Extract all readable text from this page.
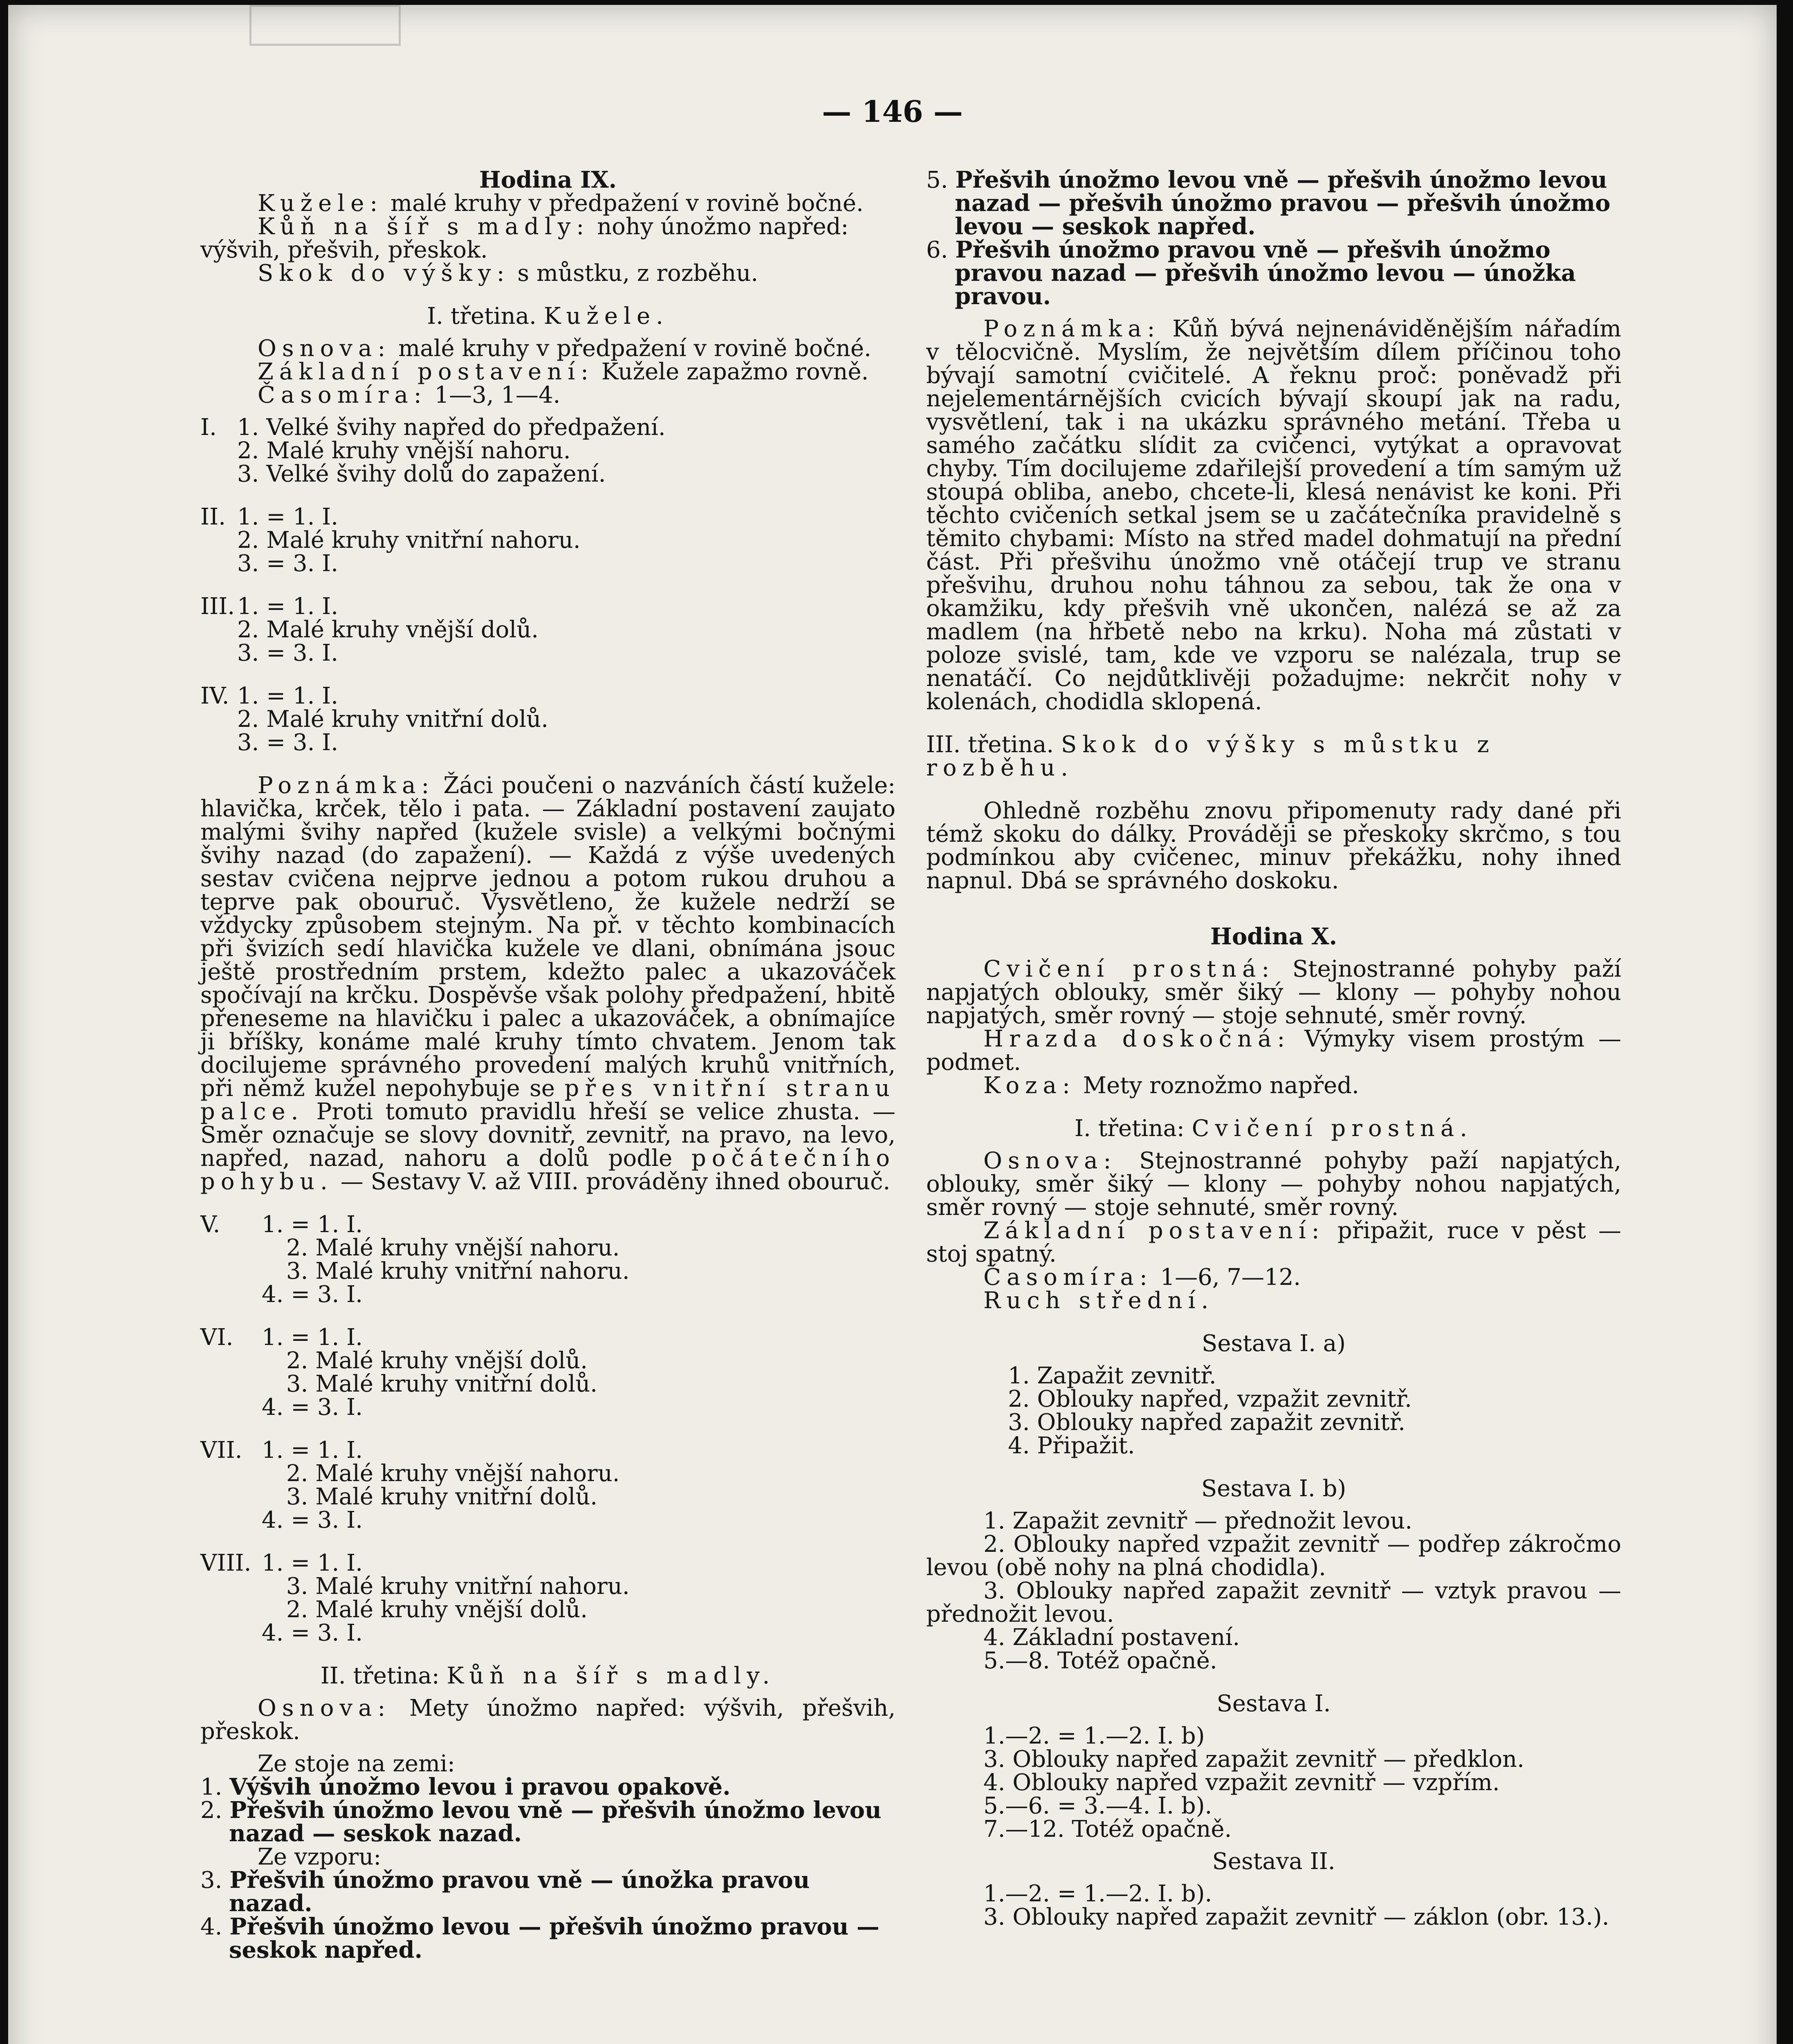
— 146 —

Hodina IX.

Kužele: malé kruhy v předpažení v rovině bočné.

Kůň na šíř s madly: nohy únožmo napřed: výšvih, přešvih, přeskok.

Skok do výšky: s můstku, z rozběhu.

I. třetina. Kužele.

Osnova: malé kruhy v předpažení v rovině bočné.

Základní postavení: Kužele zapažmo rovně.

Časomíra: 1—3, 1—4.

I. 1. Velké švihy napřed do předpažení.

2. Malé kruhy vnější nahoru.

3. Velké švihy dolů do zapažení.

II. 1. = 1. I.

2. Malé kruhy vnitřní nahoru.

3. = 3. I.

III. 1. = 1. I.

2. Malé kruhy vnější dolů.

3. = 3. I.

IV. 1. = 1. I.

2. Malé kruhy vnitřní dolů.

3. = 3. I.

Poznámka: Žáci poučeni o nazváních částí kužele: hlavička, krček, tělo i pata. — Základní postavení zaujato malými švihy napřed (kužele svisle) a velkými bočnými švihy nazad (do zapažení). — Každá z výše uvedených sestav cvičena nejprve jednou a potom rukou druhou a teprve pak obouruč. Vysvětleno, že kužele nedrží se vždycky způsobem stejným. Na př. v těchto kombinacích při švizích sedí hlavička kužele ve dlani, obnímána jsouc ještě prostředním prstem, kdežto palec a ukazováček spočívají na krčku. Dospěvše však polohy předpažení, hbitě přeneseme na hlavičku i palec a ukazováček, a obnímajíce ji bříšky, konáme malé kruhy tímto chvatem. Jenom tak docilujeme správného provedení malých kruhů vnitřních, při němž kužel nepohybuje se přes vnitřní stranu palce. Proti tomuto pravidlu hřeší se velice zhusta. — Směr označuje se slovy dovnitř, zevnitř, na pravo, na levo, napřed, nazad, nahoru a dolů podle počátečního pohybu. — Sestavy V. až VIII. prováděny ihned obouruč.

V.	1. = 1. I.

2. Malé kruhy vnější nahoru.

3. Malé kruhy vnitřní nahoru.

4. = 3. I.

VI.	1. = 1. I.

2. Malé kruhy vnější dolů.

3. Malé kruhy vnitřní dolů.

4. = 3. I.

VII. 1. = 1. I.

2. Malé kruhy vnější nahoru.

3. Malé kruhy vnitřní dolů.

4. = 3. I.

VIII. 1. = 1. I.

3. Malé kruhy vnitřní nahoru.

2. Malé kruhy vnější dolů.

4. = 3. I.

II. třetina: Kůň na šíř s madly.

Osnova: Mety únožmo napřed: výšvih, přešvih, přeskok.

Ze stoje na zemi:

1. Výšvih únožmo levou i pravou opakově.

2. Přešvih únožmo levou vně — přešvih únožmo levou nazad — seskok nazad.

Ze vzporu:

3. Přešvih únožmo pravou vně — únožka pravou nazad.

4. Přešvih únožmo levou — přešvih únožmo pravou — seskok napřed.

5. Přešvih únožmo levou vně — přešvih únožmo levou nazad — přešvih únožmo pravou — přešvih únožmo levou — seskok napřed.

6. Přešvih únožmo pravou vně — přešvih únožmo pravou nazad — přešvih únožmo levou — únožka pravou.

Poznámka: Kůň bývá nejnenáviděnějším nářadím v tělocvičně. Myslím, že největším dílem příčinou toho bývají samotní cvičitelé. A řeknu proč: poněvadž při nejelementárnějších cvicích bývají skoupí jak na radu, vysvětlení, tak i na ukázku správného metání. Třeba u samého začátku slídit za cvičenci, vytýkat a opravovat chyby. Tím docilujeme zdařilejší provedení a tím samým už stoupá obliba, anebo, chcete-li, klesá nenávist ke koni. Při těchto cvičeních setkal jsem se u začátečníka pravidelně s těmito chybami: Místo na střed madel dohmatují na přední část. Při přešvihu únožmo vně otáčejí trup ve stranu přešvihu, druhou nohu táhnou za sebou, tak že ona v okamžiku, kdy přešvih vně ukončen, nalézá se až za madlem (na hřbetě nebo na krku). Noha má zůstati v poloze svislé, tam, kde ve vzporu se nalézala, trup se nenatáčí. Co nejdůtklivěji požadujme: nekrčit nohy v kolenách, chodidla sklopená.

III. třetina. Skok do výšky s můstku z rozběhu.

Ohledně rozběhu znovu připomenuty rady dané při témž skoku do dálky. Prováději se přeskoky skrčmo, s tou podmínkou aby cvičenec, minuv překážku, nohy ihned napnul. Dbá se správného doskoku.

Hodina X.

Cvičení prostná: Stejnostranné pohyby paží napjatých oblouky, směr šiký — klony — pohyby nohou napjatých, směr rovný — stoje sehnuté, směr rovný.

Hrazda doskočná: Výmyky visem prostým — podmet.

Koza: Mety roznožmo napřed.

I. třetina: Cvičení prostná.

Osnova: Stejnostranné pohyby paží napjatých, oblouky, směr šiký — klony — pohyby nohou napjatých, směr rovný — stoje sehnuté, směr rovný.

Základní postavení: připažit, ruce v pěst — stoj spatný.

Časomíra: 1—6, 7—12.

Ruch střední.

Sestava I. a)

1. Zapažit zevnitř.

2. Oblouky napřed, vzpažit zevnitř.

3. Oblouky napřed zapažit zevnitř.

4. Připažit.

Sestava I. b)

1. Zapažit zevnitř — přednožit levou.

2. Oblouky napřed vzpažit zevnitř — podřep zákročmo levou (obě nohy na plná chodidla).

3. Oblouky napřed zapažit zevnitř — vztyk pravou — přednožit levou.

4. Základní postavení.

5.—8. Totéž opačně.

Sestava I.

1.—2. = 1.—2. I. b)

3. Oblouky napřed zapažit zevnitř — předklon.

4. Oblouky napřed vzpažit zevnitř — vzpřím.

5.—6. = 3.—4. I. b).

7.—12. Totéž opačně.

Sestava II.

1.—2. = 1.—2. I. b).

3. Oblouky napřed zapažit zevnitř — záklon (obr. 13.).
